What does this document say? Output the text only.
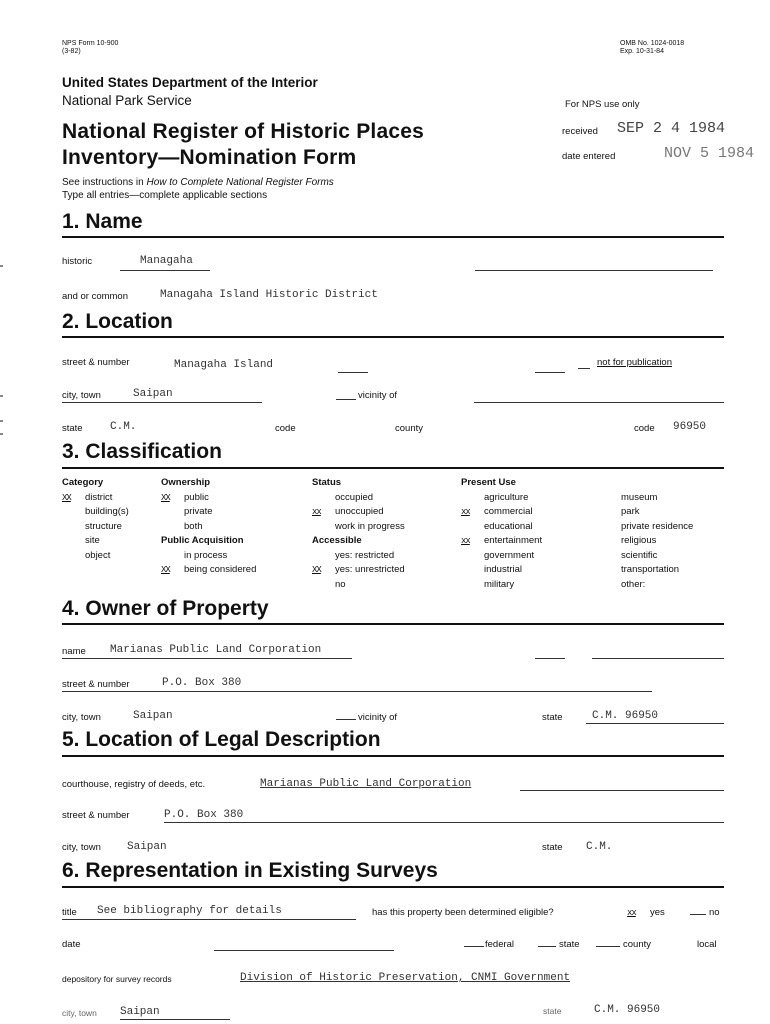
NPS Form 10-900
(3-82)
OMB No. 1024-0018
Exp. 10-31-84
United States Department of the Interior
National Park Service
National Register of Historic Places
Inventory—Nomination Form
See instructions in How to Complete National Register Forms
Type all entries—complete applicable sections
For NPS use only
received SEP 2 4 1984
date entered	NOV 5 1984
1. Name
historic	Managaha
and or common	Managaha Island Historic District
2. Location
street & number	Managaha Island	not for publication
city, town	Saipan	vicinity of
state C.M.	code	county	code 96950
3. Classification
Category
XX district
building(s)
structure
site
object
Ownership
XX public
private
both
Public Acquisition
in process
XX being considered
Status
occupied
xx unoccupied
work in progress
Accessible
yes: restricted
XX yes: unrestricted
no
Present Use
agriculture
xx commercial
educational
xx entertainment
government
industrial
military
museum
park
private residence
religious
scientific
transportation
other:
4. Owner of Property
name Marianas Public Land Corporation
street & number	P.O. Box 380
city, town	Saipan	vicinity of	state	C.M. 96950
5. Location of Legal Description
courthouse, registry of deeds, etc.	Marianas Public Land Corporation
street & number	P.O. Box 380
city, town Saipan	state C.M.
6. Representation in Existing Surveys
title See bibliography for details	has this property been determined eligible?	xx yes	no
date	federal	state	county	local
depository for survey records	Division of Historic Preservation, CNMI Government
city, town Saipan	state	C.M. 96950
